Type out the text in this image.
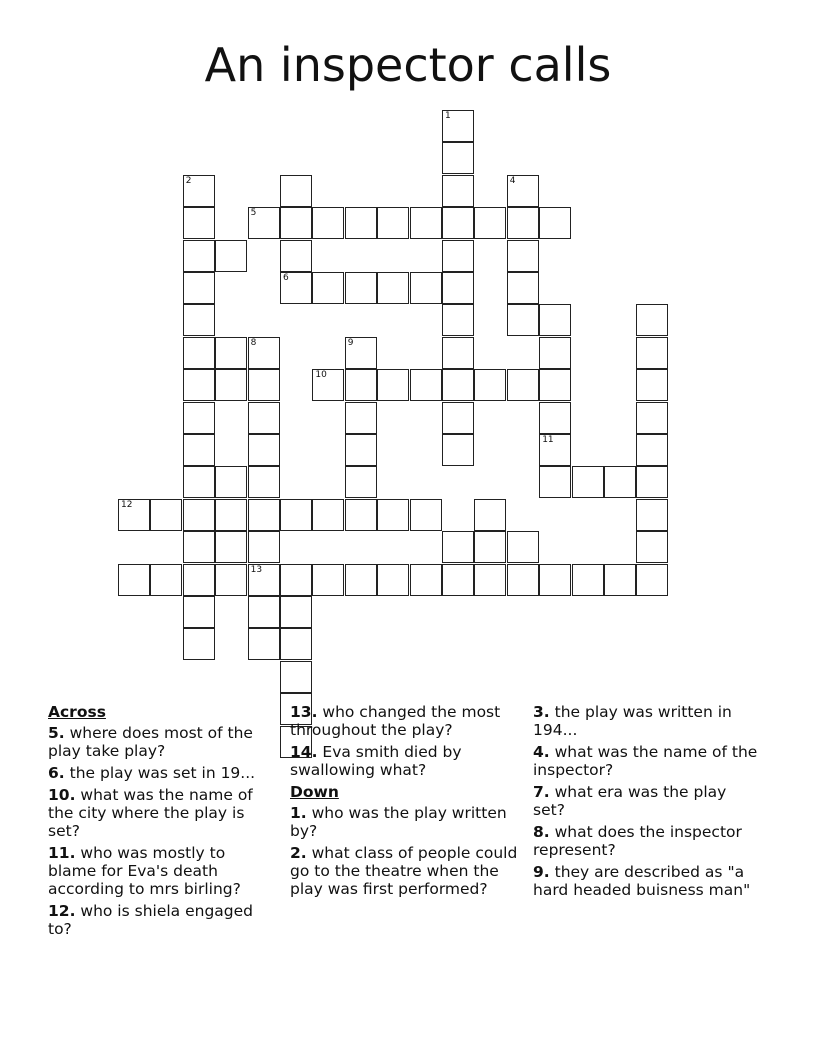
An inspector calls
1
2
6
4
5
8
13
9
10
12
11
Across
5. where does most of the play take play?
6. the play was set in 19...
10. what was the name of the city where the play is set?
11. who was mostly to blame for Eva's death according to mrs birling?
12. who is shiela engaged to?
13. who changed the most throughout the play?
14. Eva smith died by swallowing what?
Down
1. who was the play written by?
2. what class of people could go to the theatre when the play was first performed?
3. the play was written in 194...
4. what was the name of the inspector?
7. what era was the play set?
8. what does the inspector represent?
9. they are described as "a hard headed buisness man"
